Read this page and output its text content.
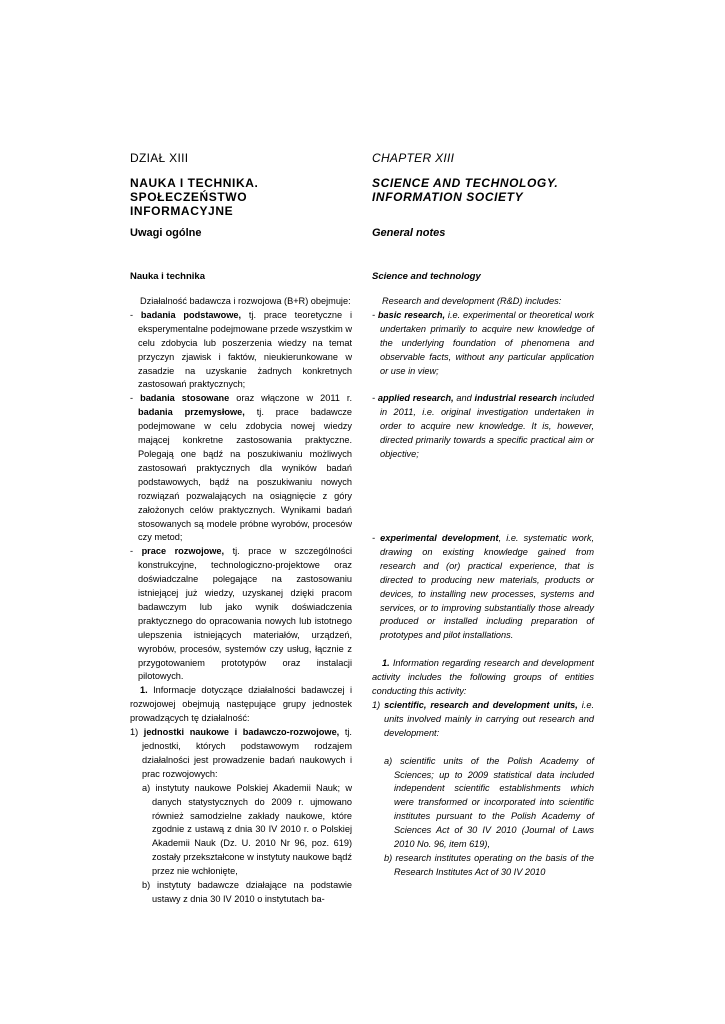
DZIAŁ XIII

NAUKA I TECHNIKA.
SPOŁECZEŃSTWO INFORMACYJNE

Uwagi ogólne

Nauka i technika

Działalność badawcza i rozwojowa (B+R) obejmuje:

- badania podstawowe, tj. prace teoretyczne i eksperymentalne podejmowane przede wszystkim w celu zdobycia lub poszerzenia wiedzy na temat przyczyn zjawisk i faktów, nieukierunkowane w zasadzie na uzyskanie żadnych konkretnych zastosowań praktycznych;

- badania stosowane oraz włączone w 2011 r. badania przemysłowe, tj. prace badawcze podejmowane w celu zdobycia nowej wiedzy mającej konkretne zastosowania praktyczne. Polegają one bądź na poszukiwaniu możliwych zastosowań praktycznych dla wyników badań podstawowych, bądź na poszukiwaniu nowych rozwiązań pozwalających na osiągnięcie z góry założonych celów praktycznych. Wynikami badań stosowanych są modele próbne wyrobów, procesów czy metod;

- prace rozwojowe, tj. prace w szczególności konstrukcyjne, technologiczno-projektowe oraz doświadczalne polegające na zastosowaniu istniejącej już wiedzy, uzyskanej dzięki pracom badawczym lub jako wynik doświadczenia praktycznego do opracowania nowych lub istotnego ulepszenia istniejących materiałów, urządzeń, wyrobów, procesów, systemów czy usług, łącznie z przygotowaniem prototypów oraz instalacji pilotowych.

1. Informacje dotyczące działalności badawczej i rozwojowej obejmują następujące grupy jednostek prowadzących tę działalność:

1) jednostki naukowe i badawczo-rozwojowe, tj. jednostki, których podstawowym rodzajem działalności jest prowadzenie badań naukowych i prac rozwojowych:

a) instytuty naukowe Polskiej Akademii Nauk; w danych statystycznych do 2009 r. ujmowano również samodzielne zakłady naukowe, które zgodnie z ustawą z dnia 30 IV 2010 r. o Polskiej Akademii Nauk (Dz. U. 2010 Nr 96, poz. 619) zostały przekształcone w instytuty naukowe bądź przez nie wchłonięte,

b) instytuty badawcze działające na podstawie ustawy z dnia 30 IV 2010 o instytutach ba-

CHAPTER XIII

SCIENCE AND TECHNOLOGY.
INFORMATION SOCIETY

General notes

Science and technology

Research and development (R&D) includes:

- basic research, i.e. experimental or theoretical work undertaken primarily to acquire new knowledge of the underlying foundation of phenomena and observable facts, without any particular application or use in view;

- applied research, and industrial research included in 2011, i.e. original investigation undertaken in order to acquire new knowledge. It is, however, directed primarily towards a specific practical aim or objective;

- experimental development, i.e. systematic work, drawing on existing knowledge gained from research and (or) practical experience, that is directed to producing new materials, products or devices, to installing new processes, systems and services, or to improving substantially those already produced or installed including preparation of prototypes and pilot installations.

1. Information regarding research and development activity includes the following groups of entities conducting this activity:

1) scientific, research and development units, i.e. units involved mainly in carrying out research and development:

a) scientific units of the Polish Academy of Sciences; up to 2009 statistical data included independent scientific establishments which were transformed or incorporated into scientific institutes pursuant to the Polish Academy of Sciences Act of 30 IV 2010 (Journal of Laws 2010 No. 96, item 619),

b) research institutes operating on the basis of the Research Institutes Act of 30 IV 2010
